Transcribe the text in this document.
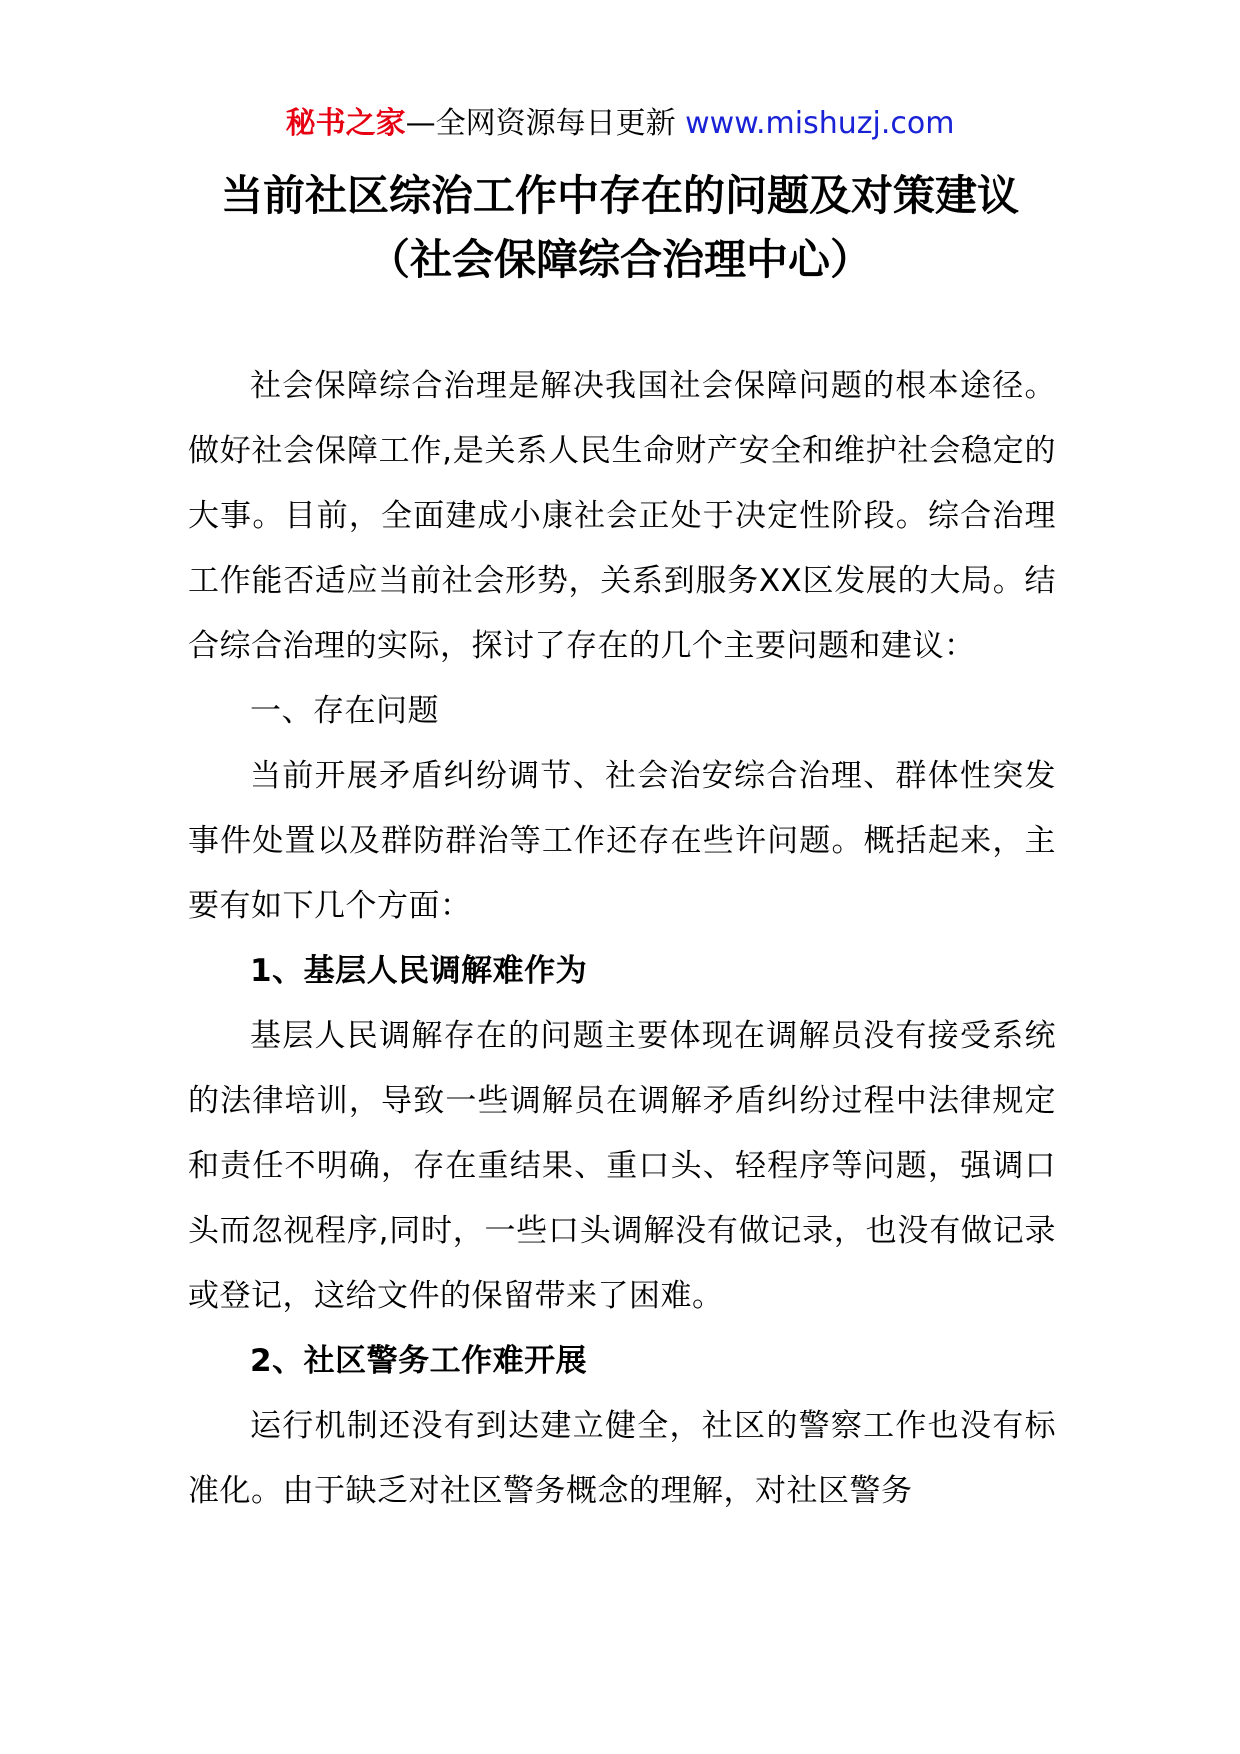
秘书之家—全网资源每日更新 www.mishuzj.com
当前社区综治工作中存在的问题及对策建议（社会保障综合治理中心）

社会保障综合治理是解决我国社会保障问题的根本途径。做好社会保障工作,是关系人民生命财产安全和维护社会稳定的大事。目前，全面建成小康社会正处于决定性阶段。综合治理工作能否适应当前社会形势，关系到服务XX区发展的大局。结合综合治理的实际，探讨了存在的几个主要问题和建议：

一、存在问题

当前开展矛盾纠纷调节、社会治安综合治理、群体性突发事件处置以及群防群治等工作还存在些许问题。概括起来，主要有如下几个方面：

1、基层人民调解难作为

基层人民调解存在的问题主要体现在调解员没有接受系统的法律培训，导致一些调解员在调解矛盾纠纷过程中法律规定和责任不明确，存在重结果、重口头、轻程序等问题，强调口头而忽视程序,同时，一些口头调解没有做记录，也没有做记录或登记，这给文件的保留带来了困难。

2、社区警务工作难开展

运行机制还没有到达建立健全，社区的警察工作也没有标准化。由于缺乏对社区警务概念的理解，对社区警务
